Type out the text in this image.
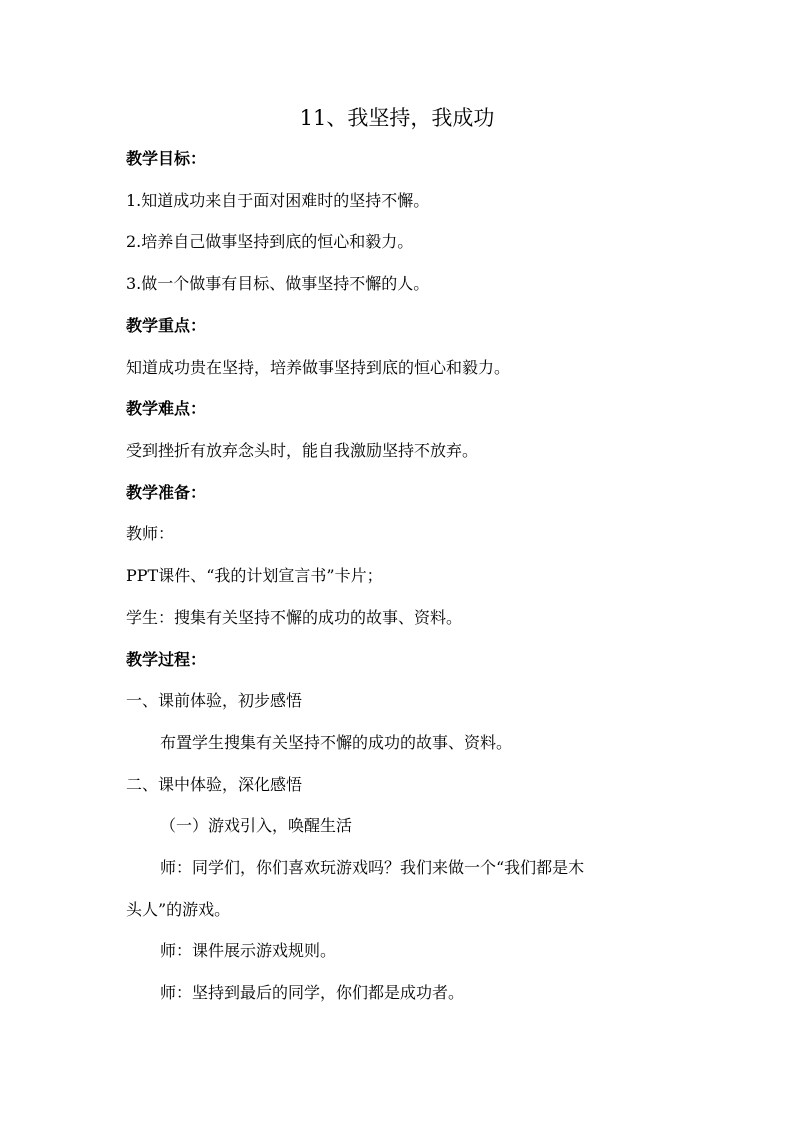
11、我坚持，我成功
教学目标：
1.知道成功来自于面对困难时的坚持不懈。
2.培养自己做事坚持到底的恒心和毅力。
3.做一个做事有目标、做事坚持不懈的人。
教学重点：
知道成功贵在坚持，培养做事坚持到底的恒心和毅力。
教学难点：
受到挫折有放弃念头时，能自我激励坚持不放弃。
教学准备：
教师：
PPT课件、“我的计划宣言书”卡片；
学生：搜集有关坚持不懈的成功的故事、资料。
教学过程：
一、课前体验，初步感悟
布置学生搜集有关坚持不懈的成功的故事、资料。
二、课中体验，深化感悟
（一）游戏引入，唤醒生活
师：同学们，你们喜欢玩游戏吗？我们来做一个“我们都是木
头人”的游戏。
师：课件展示游戏规则。
师：坚持到最后的同学，你们都是成功者。
